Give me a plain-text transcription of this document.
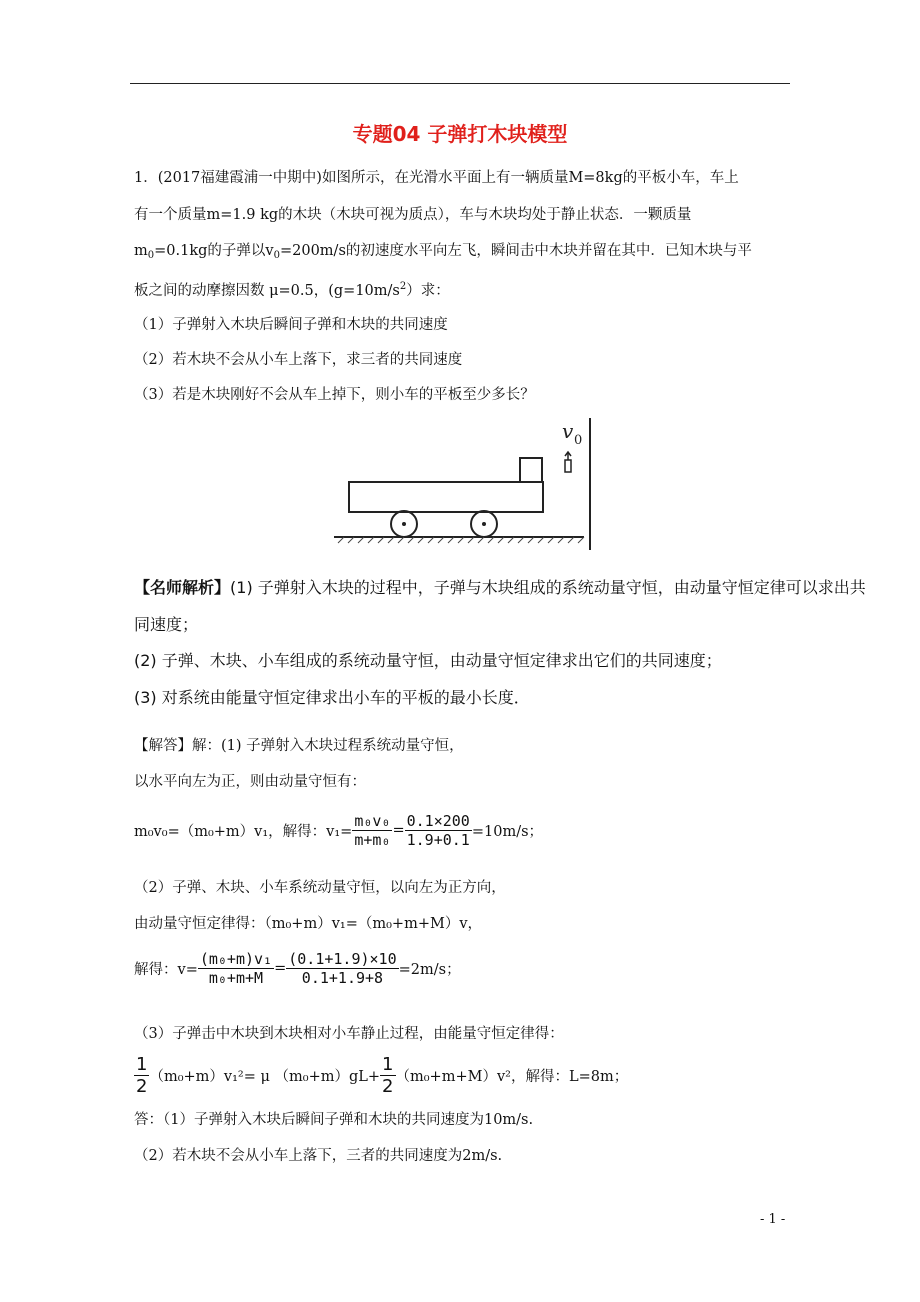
专题04 子弹打木块模型
1．(2017福建霞浦一中期中)如图所示，在光滑水平面上有一辆质量M=8kg的平板小车，车上
有一个质量m=1.9 kg的木块（木块可视为质点），车与木块均处于静止状态．一颗质量
$m_0=0.1kg$的子弹以$v_0=200m/s$的初速度水平向左飞，瞬间击中木块并留在其中．已知木块与平
板之间的动摩擦因数 μ=0.5，$(g=10m/s^2)$求：
（1）子弹射入木块后瞬间子弹和木块的共同速度
（2）若木块不会从小车上落下，求三者的共同速度
（3）若是木块刚好不会从车上掉下，则小车的平板至少多长？
v 0
【名师解析】(1) 子弹射入木块的过程中，子弹与木块组成的系统动量守恒，由动量守恒定律可以求出共
同速度；
(2) 子弹、木块、小车组成的系统动量守恒，由动量守恒定律求出它们的共同速度；
(3) 对系统由能量守恒定律求出小车的平板的最小长度．
【解答】解：(1) 子弹射入木块过程系统动量守恒，
以水平向左为正，则由动量守恒有：
m₀v₀=（m₀+m）v₁，解得：$v_1= \frac{\text{m₀v₀}}{\text{m+m₀}} = \frac{0.1\times 200}{1.9+0.1} =10m/s$；
（2）子弹、木块、小车系统动量守恒，以向左为正方向，
由动量守恒定律得：（m₀+m）v₁=（m₀+m+M）v，
解得：$v= \frac{\text{(m₀+m)v₁}}{\text{m₀+m+M}} = \frac{(0.1+1.9)\times 10}{0.1+1.9+8} =2m/s$；
（3）子弹击中木块到木块相对小车静止过程，由能量守恒定律得：
$\frac{1}{2} (m_0+m)v_1^2= \mu$ $(m_0+m)gL+ \frac{1}{2} (m_0+m+M)v^2$，解得：L=8m；
答：（1）子弹射入木块后瞬间子弹和木块的共同速度为10m/s.
（2）若木块不会从小车上落下，三者的共同速度为2m/s.
- 1 -
